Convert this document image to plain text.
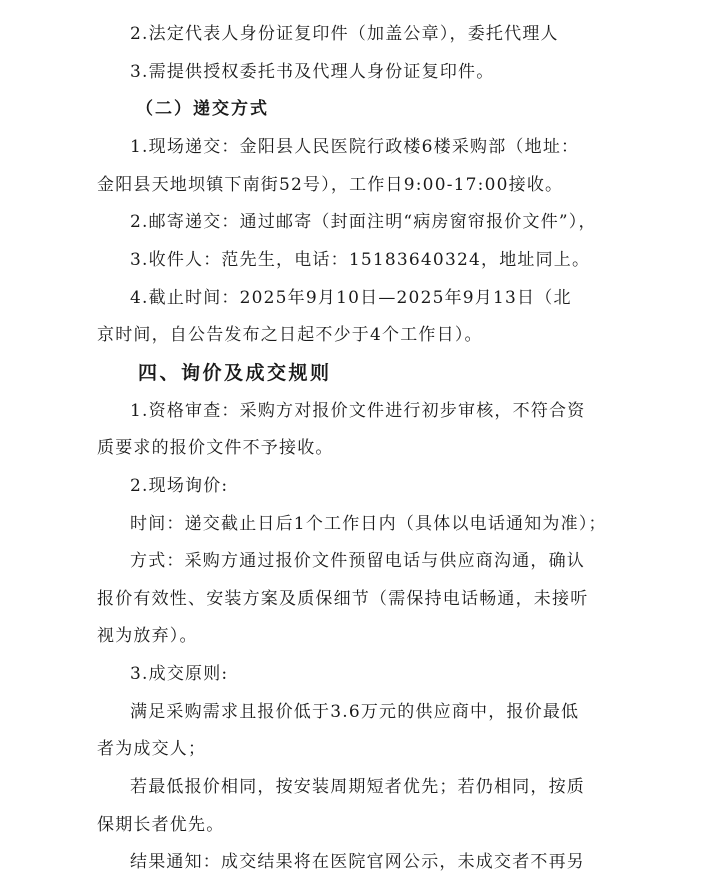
2.法定代表人身份证复印件（加盖公章），委托代理人
3.需提供授权委托书及代理人身份证复印件。
（二）递交方式
1.现场递交：金阳县人民医院行政楼6楼采购部（地址：
金阳县天地坝镇下南街52号），工作日9:00-17:00接收。
2.邮寄递交：通过邮寄（封面注明“病房窗帘报价文件”），
3.收件人：范先生，电话：15183640324，地址同上。
4.截止时间：2025年9月10日—2025年9月13日（北
京时间，自公告发布之日起不少于4个工作日）。
四、询价及成交规则
1.资格审查：采购方对报价文件进行初步审核，不符合资
质要求的报价文件不予接收。
2.现场询价:
时间：递交截止日后1个工作日内（具体以电话通知为准）；
方式：采购方通过报价文件预留电话与供应商沟通，确认
报价有效性、安装方案及质保细节（需保持电话畅通，未接听
视为放弃）。
3.成交原则:
满足采购需求且报价低于3.6万元的供应商中，报价最低
者为成交人；
若最低报价相同，按安装周期短者优先；若仍相同，按质
保期长者优先。
结果通知：成交结果将在医院官网公示，未成交者不再另
